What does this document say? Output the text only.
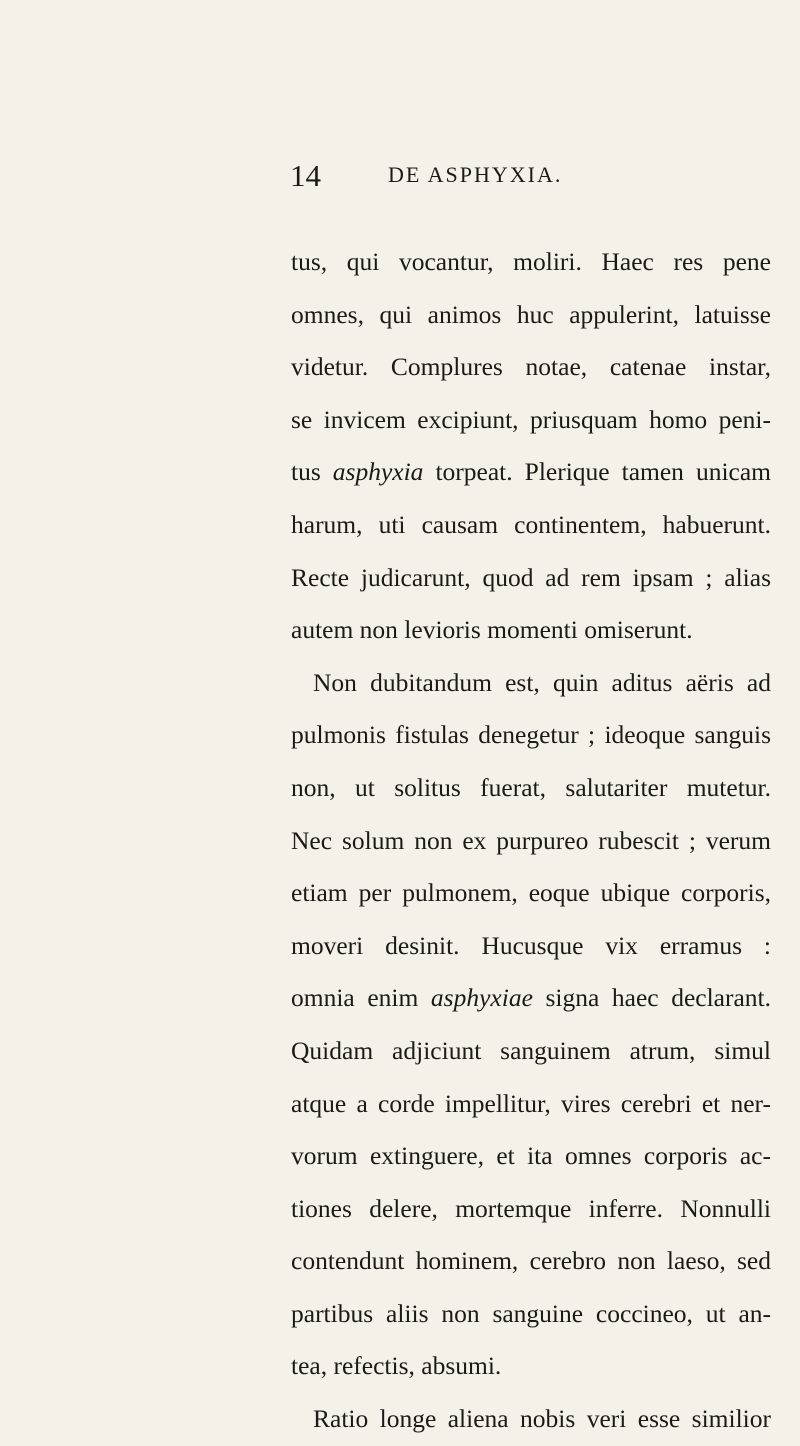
14	DE ASPHYXIA.
tus, qui vocantur, moliri. Haec res pene
omnes, qui animos huc appulerint, latuisse
videtur. Complures notae, catenae instar,
se invicem excipiunt, priusquam homo peni-
tus asphyxia torpeat. Plerique tamen unicam
harum, uti causam continentem, habuerunt.
Recte judicarunt, quod ad rem ipsam ; alias
autem non levioris momenti omiserunt.
Non dubitandum est, quin aditus aëris ad
pulmonis fistulas denegetur ; ideoque sanguis
non, ut solitus fuerat, salutariter mutetur.
Nec solum non ex purpureo rubescit ; verum
etiam per pulmonem, eoque ubique corporis,
moveri desinit. Hucusque vix erramus :
omnia enim asphyxiae signa haec declarant.
Quidam adjiciunt sanguinem atrum, simul
atque a corde impellitur, vires cerebri et ner-
vorum extinguere, et ita omnes corporis ac-
tiones delere, mortemque inferre. Nonnulli
contendunt hominem, cerebro non laeso, sed
partibus aliis non sanguine coccineo, ut an-
tea, refectis, absumi.
Ratio longe aliena nobis veri esse similior
